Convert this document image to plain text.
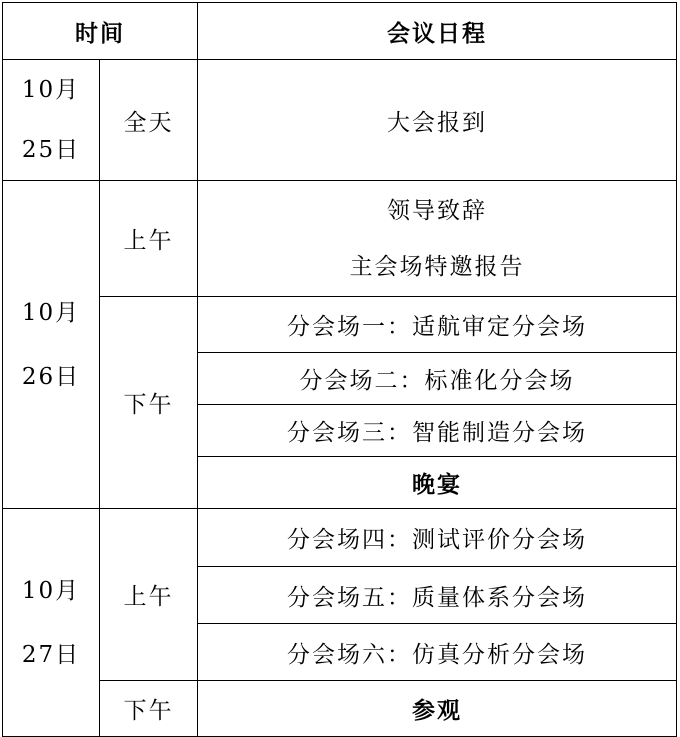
时间		会议日程

10月
25日	全天	大会报到

10月
26日	上午	领导致辞
主会场特邀报告

	下午	分会场一：适航审定分会场
		分会场二：标准化分会场
		分会场三：智能制造分会场
		晚宴

10月
27日	上午	分会场四：测试评价分会场
		分会场五：质量体系分会场
		分会场六：仿真分析分会场
	下午	参观
